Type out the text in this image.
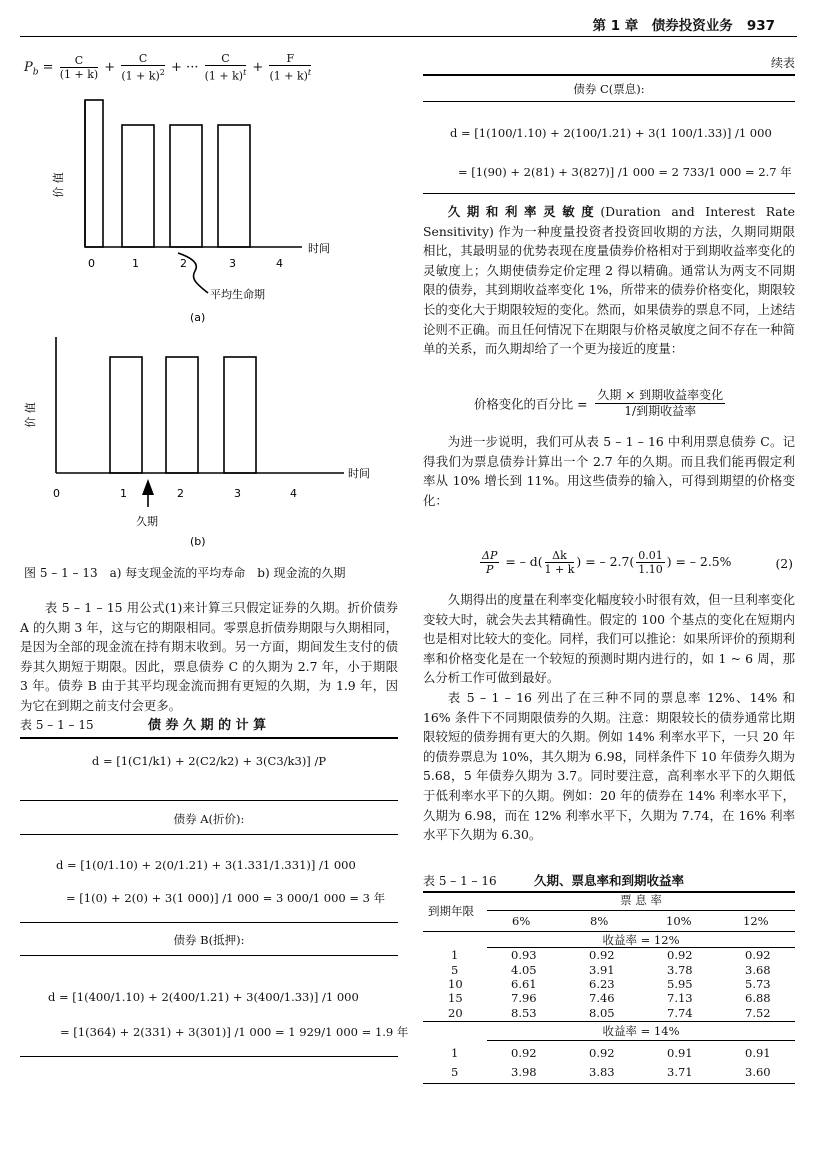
第 1 章　债券投资业务 937
$P_b = \frac{C}{(1 + k)} + \frac{C}{(1 + k)^2}$ + ··· $\frac{C}{(1 + k)^t} + \frac{F}{(1 + k)^t}$
价 值
时间
0	1	2	3	4
平均生命期
(a)
价 值
时间
0	1	2	3	4
久期
(b)
图 5 – 1 – 13　a) 每支现金流的平均寿命　b) 现金流的久期
表 5 – 1 – 15 用公式(1)来计算三只假定证券的久期。折价债券 A 的久期 3 年，这与它的期限相同。零票息折债券期限与久期相同，是因为全部的现金流在持有期末收到。另一方面，期间发生支付的债券其久期短于期限。因此，票息债券 C 的久期为 2.7 年，小于期限 3 年。债券 B 由于其平均现金流而拥有更短的久期，为 1.9 年，因为它在到期之前支付会更多。
表 5 – 1 – 15	债 券 久 期 的 计 算
d = [1(C1/k1) + 2(C2/k2) + 3(C3/k3)] /P
债券 A(折价):
d = [1(0/1.10) + 2(0/1.21) + 3(1.331/1.331)] /1 000
= [1(0) + 2(0) + 3(1 000)] /1 000 = 3 000/1 000 = 3 年
债券 B(抵押):
d = [1(400/1.10) + 2(400/1.21) + 3(400/1.33)] /1 000
= [1(364) + 2(331) + 3(301)] /1 000 = 1 929/1 000 = 1.9 年
续表
债券 C(票息):
d = [1(100/1.10) + 2(100/1.21) + 3(1 100/1.33)] /1 000
= [1(90) + 2(81) + 3(827)] /1 000 = 2 733/1 000 = 2.7 年
久期和利率灵敏度(Duration and Interest Rate Sensitivity) 作为一种度量投资者投资回收期的方法，久期同期限相比，其最明显的优势表现在度量债券价格相对于到期收益率变化的灵敏度上；久期使债券定价定理 2 得以精确。通常认为两支不同期限的债券，其到期收益率变化 1%，所带来的债券价格变化，期限较长的变化大于期限较短的变化。然而，如果债券的票息不同，上述结论则不正确。而且任何情况下在期限与价格灵敏度之间不存在一种简单的关系，而久期却给了一个更为接近的度量：
价格变化的百分比 = $\frac{\text{久期 × 到期收益率变化}}{\text{1/到期收益率}}$
为进一步说明，我们可从表 5 – 1 – 16 中利用票息债券 C。记得我们为票息债券计算出一个 2.7 年的久期。而且我们能再假定利率从 10% 增长到 11%。用这些债券的输入，可得到期望的价格变化：
$\frac{\Delta P}{P}$ = – $d( \frac{\Delta k}{1 + k}$ ) = – $2.7( \frac{0.01}{1.10}$ ) = – 2.5%	(2)
久期得出的度量在利率变化幅度较小时很有效，但一旦利率变化变较大时，就会失去其精确性。假定的 100 个基点的变化在短期内也是相对比较大的变化。同样，我们可以推论：如果所评价的预期利率和价格变化是在一个较短的预测时期内进行的，如 1 ~ 6 周，那么分析工作可做到最好。
表 5 – 1 – 16 列出了在三种不同的票息率 12%、14% 和 16% 条件下不同期限债券的久期。注意：期限较长的债券通常比期限较短的债券拥有更大的久期。例如 14% 利率水平下，一只 20 年的债券票息为 10%，其久期为 6.98，同样条件下 10 年债券久期为 5.68，5 年债券久期为 3.7。同时要注意，高利率水平下的久期低于低利率水平下的久期。例如：20 年的债券在 14% 利率水平下，久期为 6.98，而在 12% 利率水平下，久期为 7.74，在 16% 利率水平下久期为 6.30。
表 5 – 1 – 16	久期、票息率和到期收益率
到期年限
票 息 率
6%	8%	10%	12%
收益率 = 12%
1	0.93	0.92	0.92	0.92
5	4.05	3.91	3.78	3.68
10	6.61	6.23	5.95	5.73
15	7.96	7.46	7.13	6.88
20	8.53	8.05	7.74	7.52
收益率 = 14%
1	0.92	0.92	0.91	0.91
5	3.98	3.83	3.71	3.60
